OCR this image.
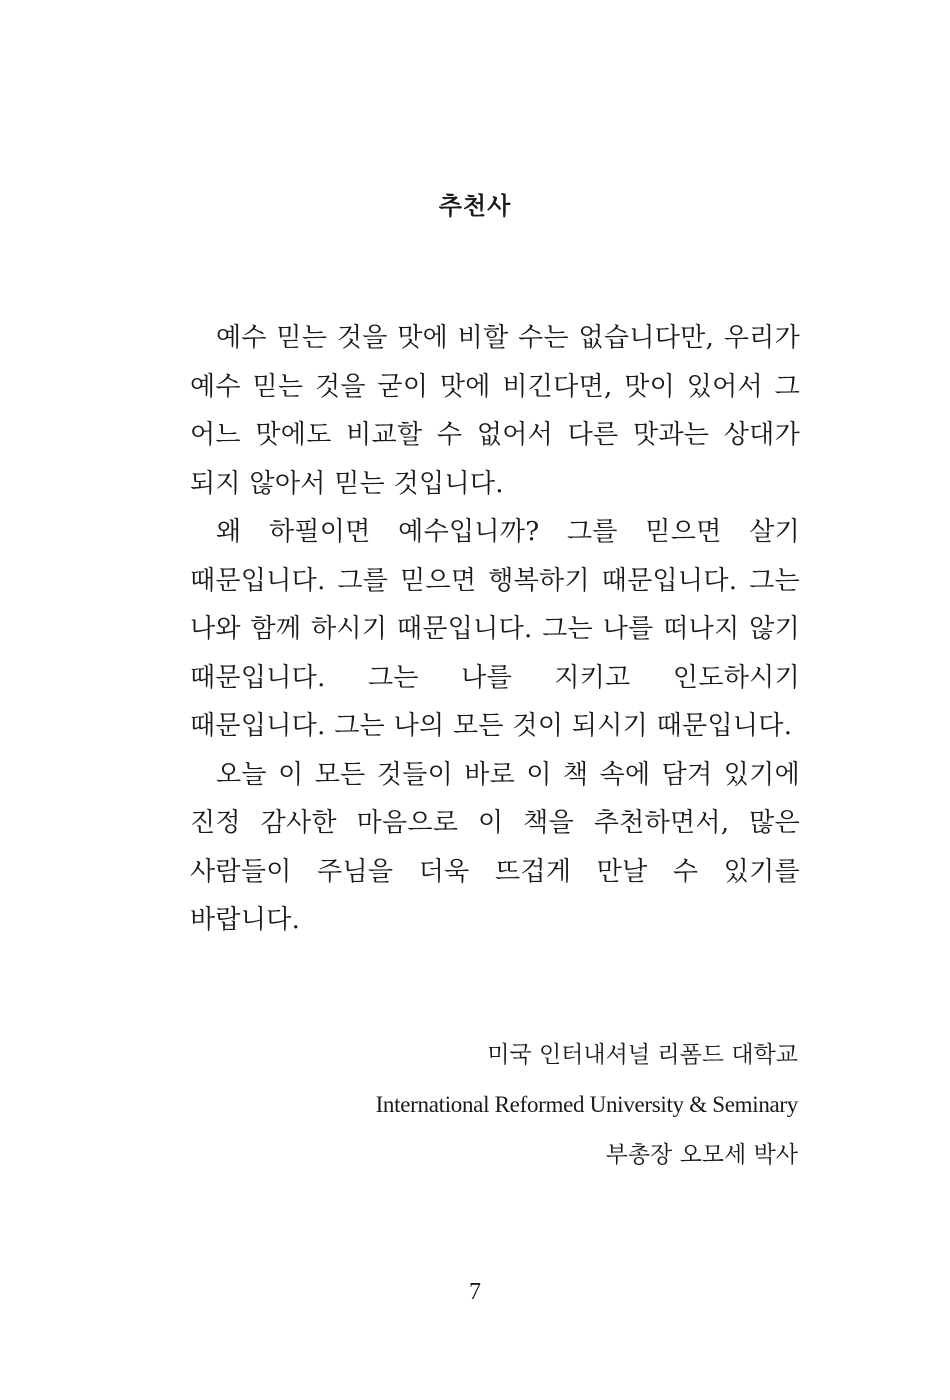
추천사

예수 믿는 것을 맛에 비할 수는 없습니다만, 우리가 예수 믿는 것을 굳이 맛에 비긴다면, 맛이 있어서 그 어느 맛에도 비교할 수 없어서 다른 맛과는 상대가 되지 않아서 믿는 것입니다.

왜 하필이면 예수입니까? 그를 믿으면 살기 때문입니다. 그를 믿으면 행복하기 때문입니다. 그는 나와 함께 하시기 때문입니다. 그는 나를 떠나지 않기 때문입니다. 그는 나를 지키고 인도하시기 때문입니다. 그는 나의 모든 것이 되시기 때문입니다.

오늘 이 모든 것들이 바로 이 책 속에 담겨 있기에 진정 감사한 마음으로 이 책을 추천하면서, 많은 사람들이 주님을 더욱 뜨겁게 만날 수 있기를 바랍니다.

미국 인터내셔널 리폼드 대학교
International Reformed University & Seminary
부총장 오모세 박사
7
